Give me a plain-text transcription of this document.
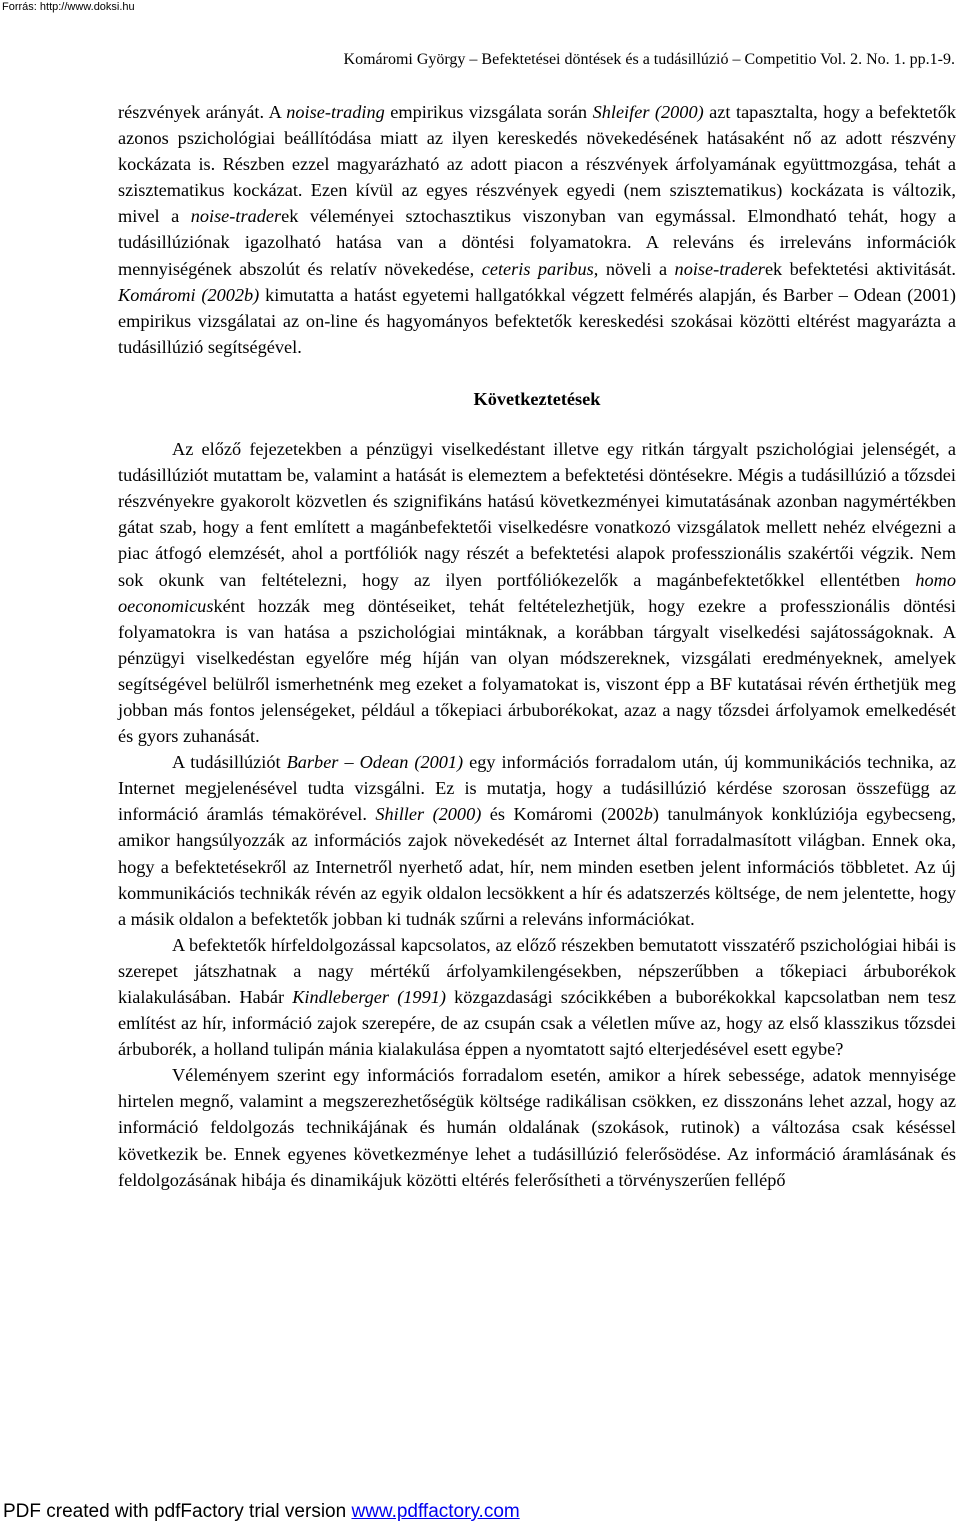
Forrás: http://www.doksi.hu
Komáromi György – Befektetései döntések és a tudásillúzió – Competitio Vol. 2. No. 1. pp.1-9.

részvények arányát. A noise-trading empirikus vizsgálata során Shleifer (2000) azt tapasztalta, hogy a befektetők azonos pszichológiai beállítódása miatt az ilyen kereskedés növekedésének hatásaként nő az adott részvény kockázata is. Részben ezzel magyarázható az adott piacon a részvények árfolyamának együttmozgása, tehát a szisztematikus kockázat. Ezen kívül az egyes részvények egyedi (nem szisztematikus) kockázata is változik, mivel a noise-traderek véleményei sztochasztikus viszonyban van egymással. Elmondható tehát, hogy a tudásillúziónak igazolható hatása van a döntési folyamatokra. A releváns és irreleváns információk mennyiségének abszolút és relatív növekedése, ceteris paribus, növeli a noise-traderek befektetési aktivitását. Komáromi (2002b) kimutatta a hatást egyetemi hallgatókkal végzett felmérés alapján, és Barber – Odean (2001) empirikus vizsgálatai az on-line és hagyományos befektetők kereskedési szokásai közötti eltérést magyarázta a tudásillúzió segítségével.

Következtetések

Az előző fejezetekben a pénzügyi viselkedéstant illetve egy ritkán tárgyalt pszichológiai jelenségét, a tudásillúziót mutattam be, valamint a hatását is elemeztem a befektetési döntésekre. Mégis a tudásillúzió a tőzsdei részvényekre gyakorolt közvetlen és szignifikáns hatású következményei kimutatásának azonban nagymértékben gátat szab, hogy a fent említett a magánbefektetői viselkedésre vonatkozó vizsgálatok mellett nehéz elvégezni a piac átfogó elemzését, ahol a portfóliók nagy részét a befektetési alapok professzionális szakértői végzik. Nem sok okunk van feltételezni, hogy az ilyen portfóliókezelők a magánbefektetőkkel ellentétben homo oeconomicusként hozzák meg döntéseiket, tehát feltételezhetjük, hogy ezekre a professzionális döntési folyamatokra is van hatása a pszichológiai mintáknak, a korábban tárgyalt viselkedési sajátosságoknak. A pénzügyi viselkedéstan egyelőre még híján van olyan módszereknek, vizsgálati eredményeknek, amelyek segítségével belülről ismerhetnénk meg ezeket a folyamatokat is, viszont épp a BF kutatásai révén érthetjük meg jobban más fontos jelenségeket, például a tőkepiaci árbuborékokat, azaz a nagy tőzsdei árfolyamok emelkedését és gyors zuhanását.

A tudásillúziót Barber – Odean (2001) egy információs forradalom után, új kommunikációs technika, az Internet megjelenésével tudta vizsgálni. Ez is mutatja, hogy a tudásillúzió kérdése szorosan összefügg az információ áramlás témakörével. Shiller (2000) és Komáromi (2002b) tanulmányok konklúziója egybecseng, amikor hangsúlyozzák az információs zajok növekedését az Internet által forradalmasított világban. Ennek oka, hogy a befektetésekről az Internetről nyerhető adat, hír, nem minden esetben jelent információs többletet. Az új kommunikációs technikák révén az egyik oldalon lecsökkent a hír és adatszerzés költsége, de nem jelentette, hogy a másik oldalon a befektetők jobban ki tudnák szűrni a releváns információkat.

A befektetők hírfeldolgozással kapcsolatos, az előző részekben bemutatott visszatérő pszichológiai hibái is szerepet játszhatnak a nagy mértékű árfolyamkilengésekben, népszerűbben a tőkepiaci árbuborékok kialakulásában. Habár Kindleberger (1991) közgazdasági szócikkében a buborékokkal kapcsolatban nem tesz említést az hír, információ zajok szerepére, de az csupán csak a véletlen műve az, hogy az első klasszikus tőzsdei árbuborék, a holland tulipán mánia kialakulása éppen a nyomtatott sajtó elterjedésével esett egybe?

Véleményem szerint egy információs forradalom esetén, amikor a hírek sebessége, adatok mennyisége hirtelen megnő, valamint a megszerezhetőségük költsége radikálisan csökken, ez disszonáns lehet azzal, hogy az információ feldolgozás technikájának és humán oldalának (szokások, rutinok) a változása csak késéssel következik be. Ennek egyenes következménye lehet a tudásillúzió felerősödése. Az információ áramlásának és feldolgozásának hibája és dinamikájuk közötti eltérés felerősítheti a törvényszerűen fellépő

PDF created with pdfFactory trial version www.pdffactory.com
